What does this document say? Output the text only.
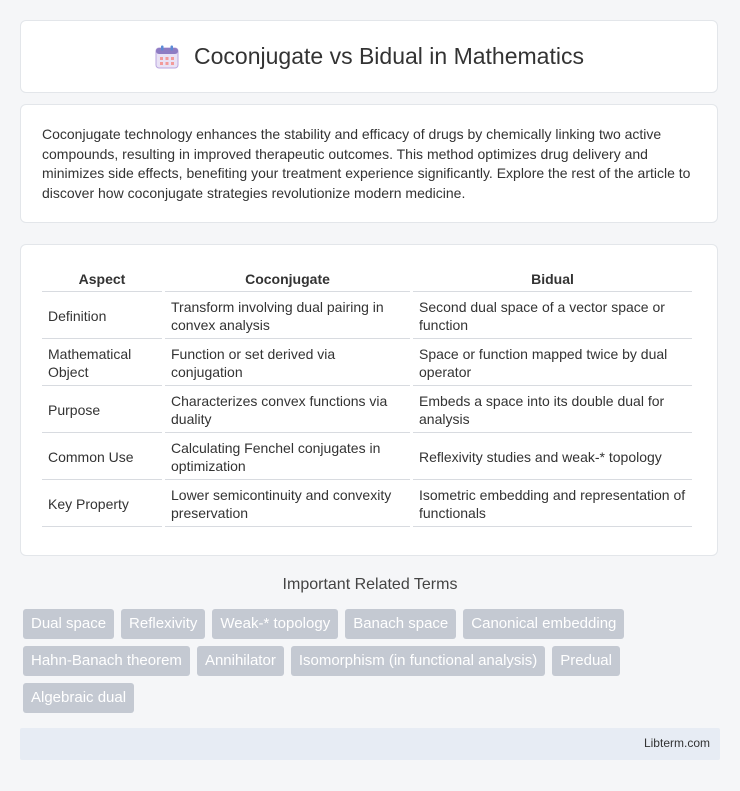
Coconjugate vs Bidual in Mathematics

Coconjugate technology enhances the stability and efficacy of drugs by chemically linking two active compounds, resulting in improved therapeutic outcomes. This method optimizes drug delivery and minimizes side effects, benefiting your treatment experience significantly. Explore the rest of the article to discover how coconjugate strategies revolutionize modern medicine.

Aspect	Coconjugate	Bidual
Definition	Transform involving dual pairing in convex analysis	Second dual space of a vector space or function
Mathematical Object	Function or set derived via conjugation	Space or function mapped twice by dual operator
Purpose	Characterizes convex functions via duality	Embeds a space into its double dual for analysis
Common Use	Calculating Fenchel conjugates in optimization	Reflexivity studies and weak-* topology
Key Property	Lower semicontinuity and convexity preservation	Isometric embedding and representation of functionals
Important Related Terms
Dual space	Reflexivity	Weak-* topology	Banach space	Canonical embedding
Hahn-Banach theorem	Annihilator	Isomorphism (in functional analysis)	Predual
Algebraic dual
Libterm.com
